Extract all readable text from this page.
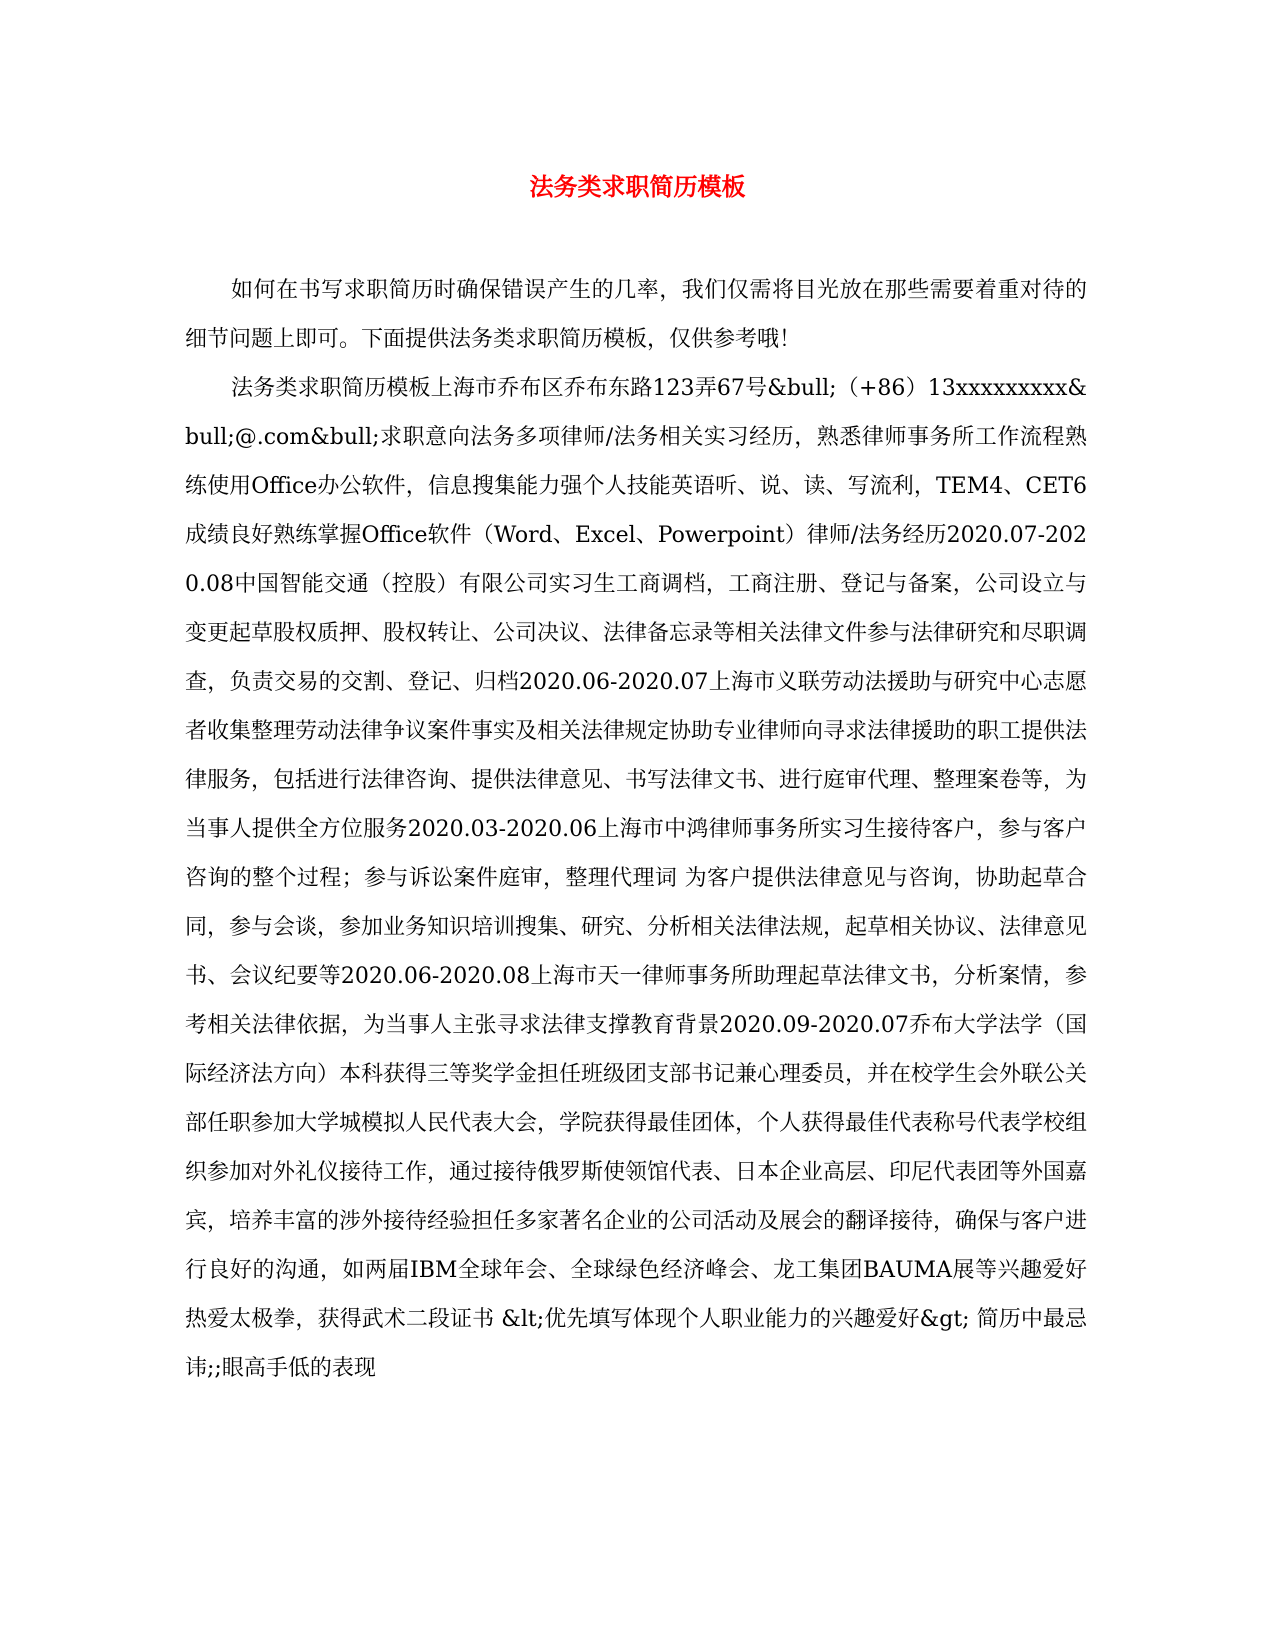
法务类求职简历模板

如何在书写求职简历时确保错误产生的几率，我们仅需将目光放在那些需要着重对待的细节问题上即可。下面提供法务类求职简历模板，仅供参考哦！

法务类求职简历模板上海市乔布区乔布东路123弄67号&bull;（+86）13xxxxxxxxx&bull;@.com&bull;求职意向法务多项律师/法务相关实习经历，熟悉律师事务所工作流程熟练使用Office办公软件，信息搜集能力强个人技能英语听、说、读、写流利，TEM4、CET6成绩良好熟练掌握Office软件（Word、Excel、Powerpoint）律师/法务经历2020.07-2020.08中国智能交通（控股）有限公司实习生工商调档，工商注册、登记与备案，公司设立与变更起草股权质押、股权转让、公司决议、法律备忘录等相关法律文件参与法律研究和尽职调查，负责交易的交割、登记、归档2020.06-2020.07上海市义联劳动法援助与研究中心志愿者收集整理劳动法律争议案件事实及相关法律规定协助专业律师向寻求法律援助的职工提供法律服务，包括进行法律咨询、提供法律意见、书写法律文书、进行庭审代理、整理案卷等，为当事人提供全方位服务2020.03-2020.06上海市中鸿律师事务所实习生接待客户，参与客户咨询的整个过程；参与诉讼案件庭审，整理代理词 为客户提供法律意见与咨询，协助起草合同，参与会谈，参加业务知识培训搜集、研究、分析相关法律法规，起草相关协议、法律意见书、会议纪要等2020.06-2020.08上海市天一律师事务所助理起草法律文书，分析案情，参考相关法律依据，为当事人主张寻求法律支撑教育背景2020.09-2020.07乔布大学法学（国际经济法方向）本科获得三等奖学金担任班级团支部书记兼心理委员，并在校学生会外联公关部任职参加大学城模拟人民代表大会，学院获得最佳团体，个人获得最佳代表称号代表学校组织参加对外礼仪接待工作，通过接待俄罗斯使领馆代表、日本企业高层、印尼代表团等外国嘉宾，培养丰富的涉外接待经验担任多家著名企业的公司活动及展会的翻译接待，确保与客户进行良好的沟通，如两届IBM全球年会、全球绿色经济峰会、龙工集团BAUMA展等兴趣爱好热爱太极拳，获得武术二段证书 &lt;优先填写体现个人职业能力的兴趣爱好&gt; 简历中最忌讳;;眼高手低的表现
